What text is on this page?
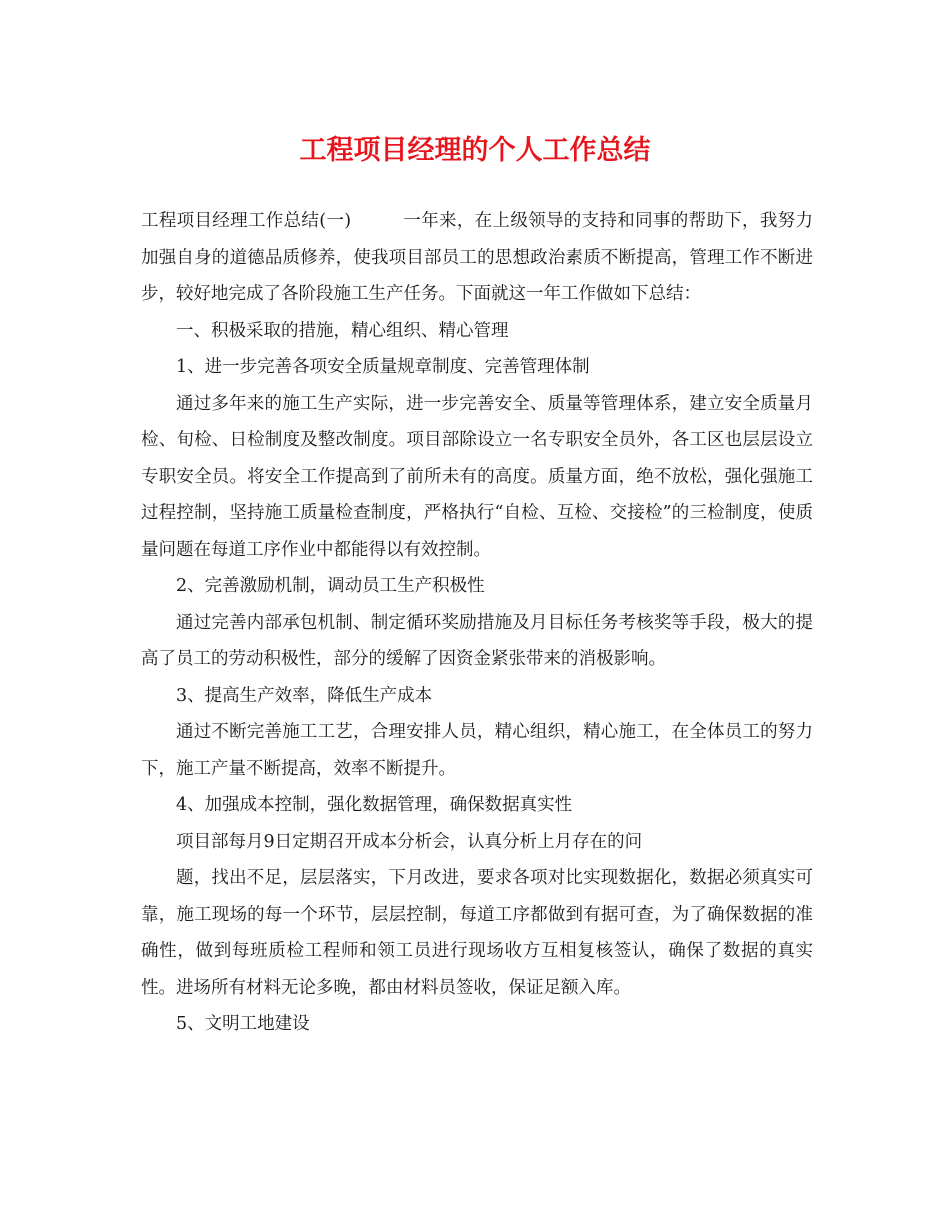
工程项目经理的个人工作总结

工程项目经理工作总结(一)	一年来，在上级领导的支持和同事的帮助下，我努力加强自身的道德品质修养，使我项目部员工的思想政治素质不断提高，管理工作不断进步，较好地完成了各阶段施工生产任务。下面就这一年工作做如下总结：

一、积极采取的措施，精心组织、精心管理

1、进一步完善各项安全质量规章制度、完善管理体制

通过多年来的施工生产实际，进一步完善安全、质量等管理体系，建立安全质量月检、旬检、日检制度及整改制度。项目部除设立一名专职安全员外，各工区也层层设立专职安全员。将安全工作提高到了前所未有的高度。质量方面，绝不放松，强化强施工过程控制，坚持施工质量检查制度，严格执行“自检、互检、交接检”的三检制度，使质量问题在每道工序作业中都能得以有效控制。

2、完善激励机制，调动员工生产积极性

通过完善内部承包机制、制定循环奖励措施及月目标任务考核奖等手段，极大的提高了员工的劳动积极性，部分的缓解了因资金紧张带来的消极影响。

3、提高生产效率，降低生产成本

通过不断完善施工工艺，合理安排人员，精心组织，精心施工，在全体员工的努力下，施工产量不断提高，效率不断提升。

4、加强成本控制，强化数据管理，确保数据真实性

项目部每月9日定期召开成本分析会，认真分析上月存在的问

题，找出不足，层层落实，下月改进，要求各项对比实现数据化，数据必须真实可靠，施工现场的每一个环节，层层控制，每道工序都做到有据可查，为了确保数据的准确性，做到每班质检工程师和领工员进行现场收方互相复核签认，确保了数据的真实性。进场所有材料无论多晚，都由材料员签收，保证足额入库。

5、文明工地建设
